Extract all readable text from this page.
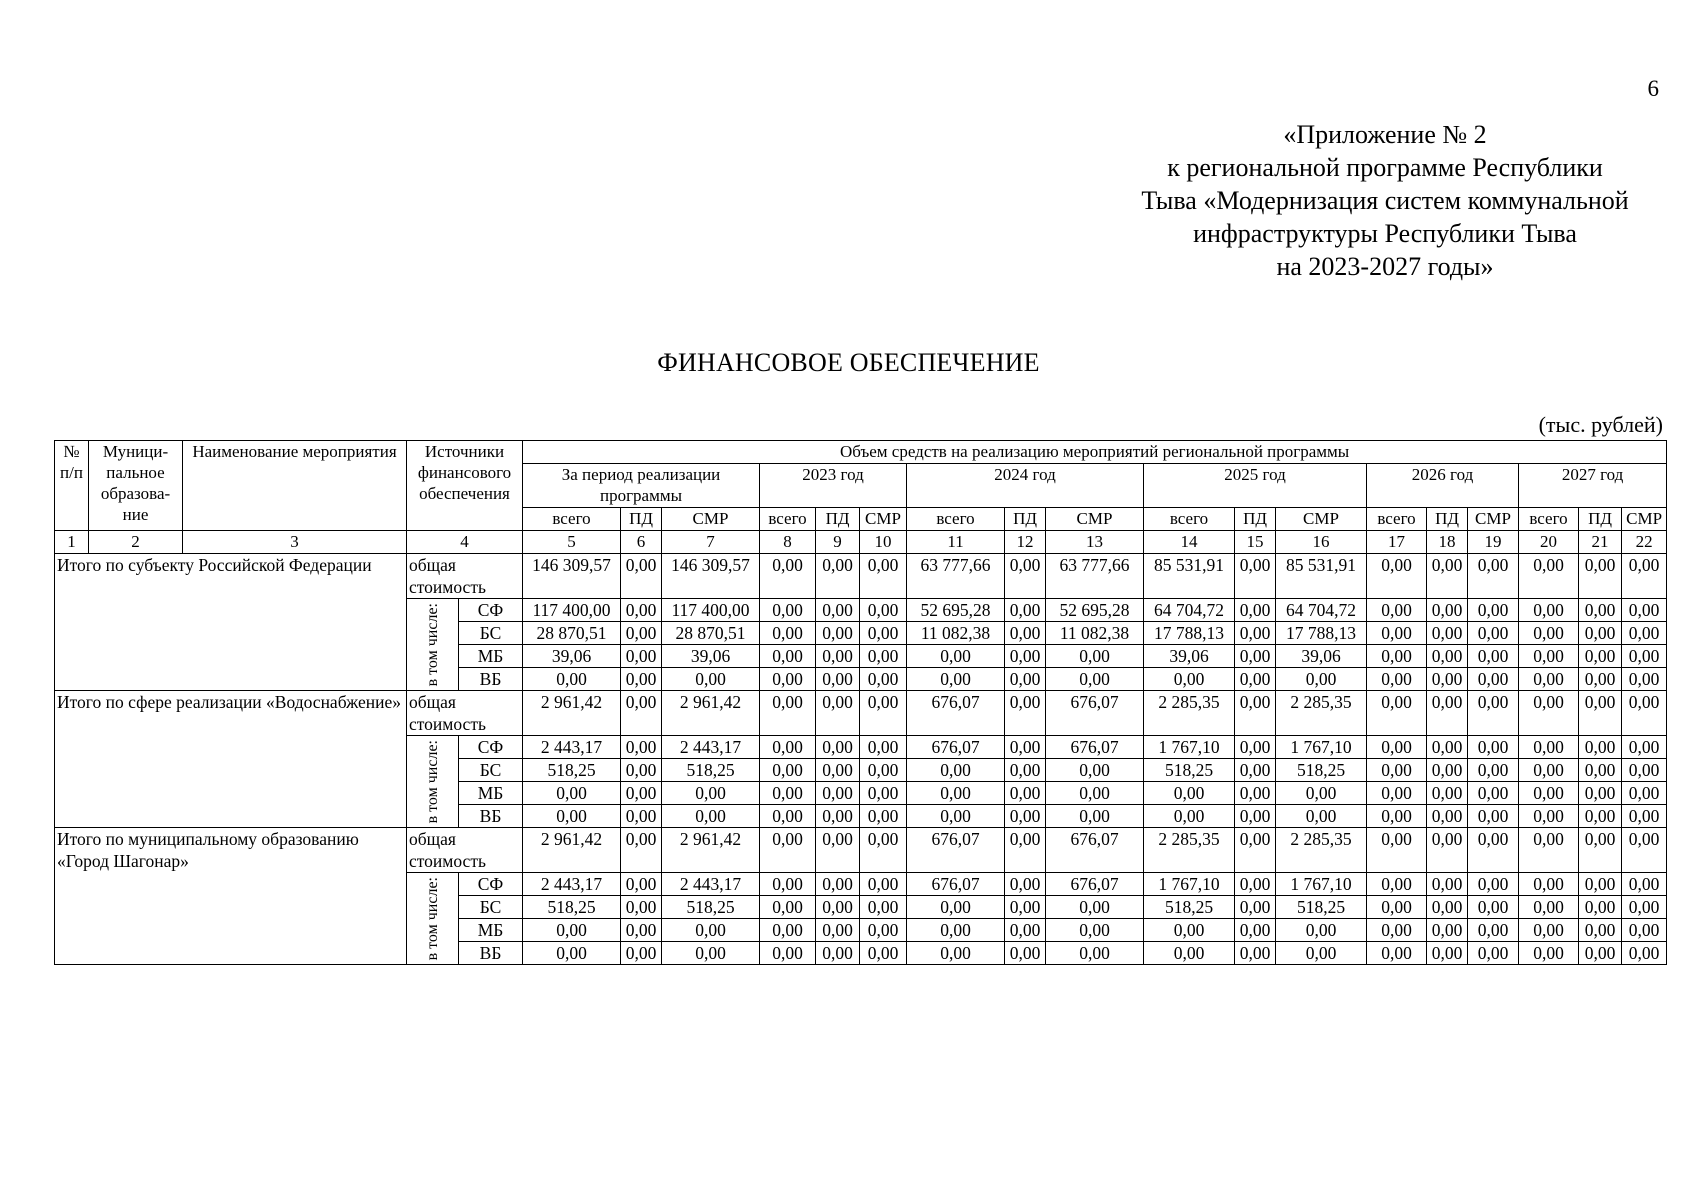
6
«Приложение № 2
к региональной программе Республики
Тыва «Модернизация систем коммунальной
инфраструктуры Республики Тыва
на 2023-2027 годы»
ФИНАНСОВОЕ ОБЕСПЕЧЕНИЕ
(тыс. рублей)
№ п/п	Муници-пальное образова-ние	Наименование мероприятия	Источники финансового обеспечения		Объем средств на реализацию мероприятий региональной программы																	
					За период реализации программы			2023 год			2024 год			2025 год			2026 год			2027 год		
					всего	ПД	СМР	всего	ПД	СМР	всего	ПД	СМР	всего	ПД	СМР	всего	ПД	СМР	всего	ПД	СМР
1	2	3	4		5	6	7	8	9	10	11	12	13	14	15	16	17	18	19	20	21	22
Итого по субъекту Российской Федерации			общая стоимость		146 309,57	0,00	146 309,57	0,00	0,00	0,00	63 777,66	0,00	63 777,66	85 531,91	0,00	85 531,91	0,00	0,00	0,00	0,00	0,00	0,00

			в том числе:	СФ	117 400,00	0,00	117 400,00	0,00	0,00	0,00	52 695,28	0,00	52 695,28	64 704,72	0,00	64 704,72	0,00	0,00	0,00	0,00	0,00	0,00
				БС	28 870,51	0,00	28 870,51	0,00	0,00	0,00	11 082,38	0,00	11 082,38	17 788,13	0,00	17 788,13	0,00	0,00	0,00	0,00	0,00	0,00
				МБ	39,06	0,00	39,06	0,00	0,00	0,00	0,00	0,00	0,00	39,06	0,00	39,06	0,00	0,00	0,00	0,00	0,00	0,00
				ВБ	0,00	0,00	0,00	0,00	0,00	0,00	0,00	0,00	0,00	0,00	0,00	0,00	0,00	0,00	0,00	0,00	0,00	0,00
Итого по сфере реализации «Водоснабжение»			общая стоимость		2 961,42	0,00	2 961,42	0,00	0,00	0,00	676,07	0,00	676,07	2 285,35	0,00	2 285,35	0,00	0,00	0,00	0,00	0,00	0,00

			в том числе:	СФ	2 443,17	0,00	2 443,17	0,00	0,00	0,00	676,07	0,00	676,07	1 767,10	0,00	1 767,10	0,00	0,00	0,00	0,00	0,00	0,00
				БС	518,25	0,00	518,25	0,00	0,00	0,00	0,00	0,00	0,00	518,25	0,00	518,25	0,00	0,00	0,00	0,00	0,00	0,00
				МБ	0,00	0,00	0,00	0,00	0,00	0,00	0,00	0,00	0,00	0,00	0,00	0,00	0,00	0,00	0,00	0,00	0,00	0,00
				ВБ	0,00	0,00	0,00	0,00	0,00	0,00	0,00	0,00	0,00	0,00	0,00	0,00	0,00	0,00	0,00	0,00	0,00	0,00
Итого по муниципальному образованию «Город Шагонар»			общая стоимость		2 961,42	0,00	2 961,42	0,00	0,00	0,00	676,07	0,00	676,07	2 285,35	0,00	2 285,35	0,00	0,00	0,00	0,00	0,00	0,00

			в том числе:	СФ	2 443,17	0,00	2 443,17	0,00	0,00	0,00	676,07	0,00	676,07	1 767,10	0,00	1 767,10	0,00	0,00	0,00	0,00	0,00	0,00
				БС	518,25	0,00	518,25	0,00	0,00	0,00	0,00	0,00	0,00	518,25	0,00	518,25	0,00	0,00	0,00	0,00	0,00	0,00
				МБ	0,00	0,00	0,00	0,00	0,00	0,00	0,00	0,00	0,00	0,00	0,00	0,00	0,00	0,00	0,00	0,00	0,00	0,00
				ВБ	0,00	0,00	0,00	0,00	0,00	0,00	0,00	0,00	0,00	0,00	0,00	0,00	0,00	0,00	0,00	0,00	0,00	0,00
